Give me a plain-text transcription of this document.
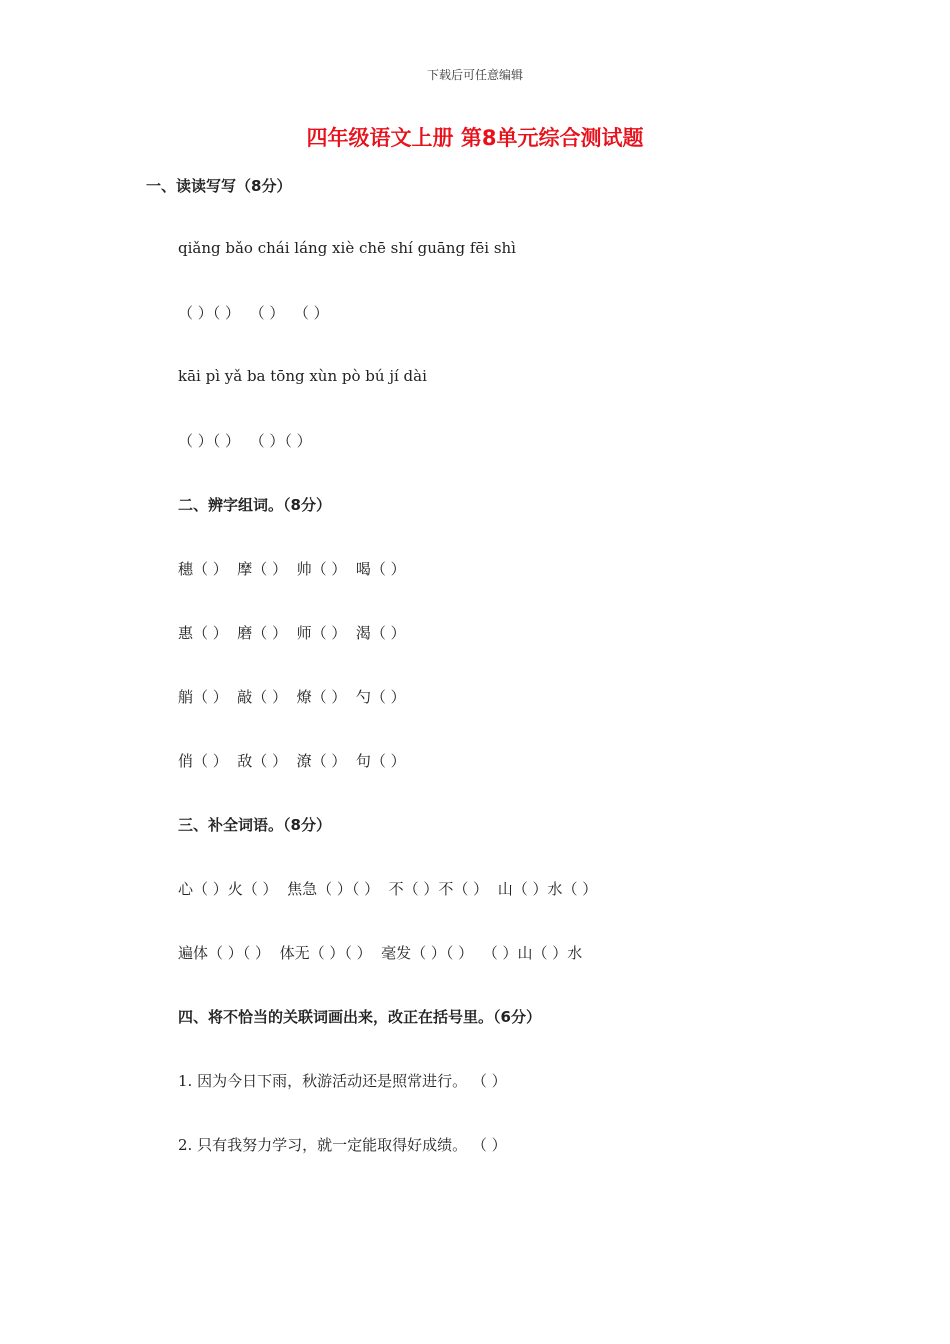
下载后可任意编辑
四年级语文上册 第8单元综合测试题
一、读读写写（8分）
qiǎng bǎo chái láng xiè chē shí guāng fēi shì
（ ）（ ）  （ ）  （ ）
kāi pì yǎ ba tōng xùn pò bú jí dài
（ ）（ ）  （ ）（ ）
二、辨字组词。（8分）
穗（ ）  摩（ ）  帅（ ）  喝（ ）
惠（ ）  磨（ ）  师（ ）  渴（ ）
艄（ ）  敲（ ）  燎（ ）  勺（ ）
俏（ ）  敌（ ）  潦（ ）  句（ ）
三、补全词语。（8分）
心（ ）火（ ）  焦急（ ）（ ）  不（ ）不（ ）  山（ ）水（ ）
遍体（ ）（ ）  体无（ ）（ ）  毫发（ ）（ ）  （ ）山（ ）水
四、将不恰当的关联词画出来，改正在括号里。（6分）
1. 因为今日下雨，秋游活动还是照常进行。 （ ）
2. 只有我努力学习，就一定能取得好成绩。 （ ）
